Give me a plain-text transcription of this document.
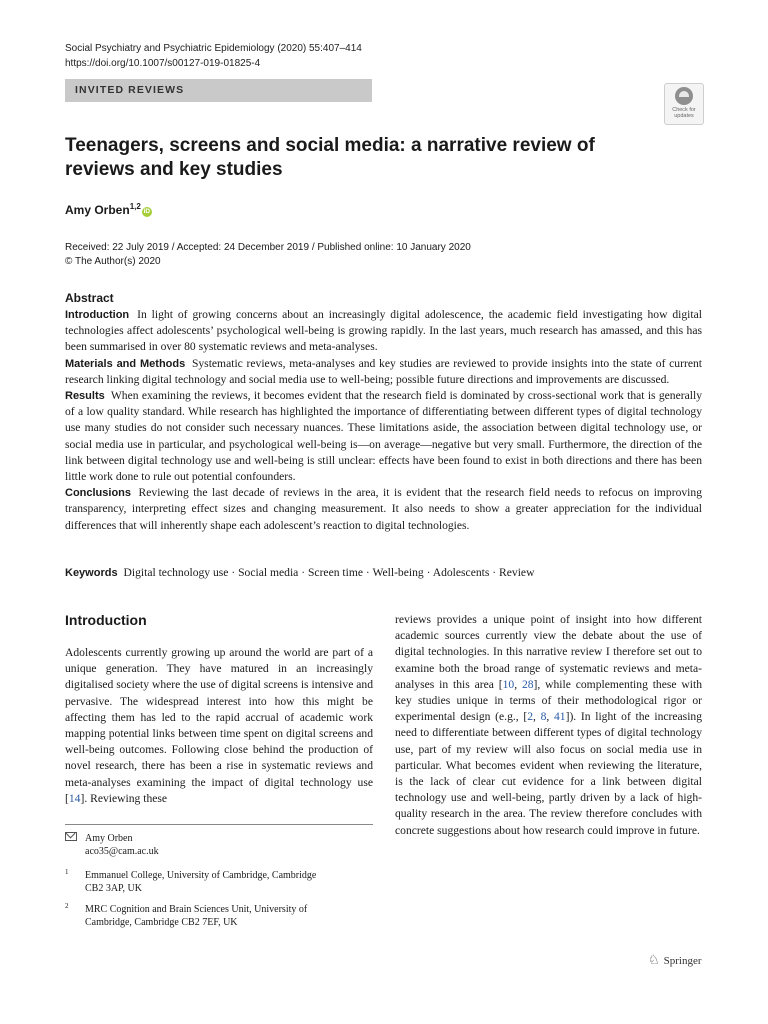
Social Psychiatry and Psychiatric Epidemiology (2020) 55:407–414
https://doi.org/10.1007/s00127-019-01825-4
INVITED REVIEWS
Check for
updates
Teenagers, screens and social media: a narrative review of reviews and key studies
Amy Orben$^{1,2}$iD
Received: 22 July 2019 / Accepted: 24 December 2019 / Published online: 10 January 2020
© The Author(s) 2020
Abstract
Introduction In light of growing concerns about an increasingly digital adolescence, the academic field investigating how digital technologies affect adolescents’ psychological well-being is growing rapidly. In the last years, much research has amassed, and this has been summarised in over 80 systematic reviews and meta-analyses.
Materials and Methods Systematic reviews, meta-analyses and key studies are reviewed to provide insights into the state of current research linking digital technology and social media use to well-being; possible future directions and improvements are discussed.
Results When examining the reviews, it becomes evident that the research field is dominated by cross-sectional work that is generally of a low quality standard. While research has highlighted the importance of differentiating between different types of digital technology use many studies do not consider such necessary nuances. These limitations aside, the association between digital technology use, or social media use in particular, and psychological well-being is—on average—negative but very small. Furthermore, the direction of the link between digital technology use and well-being is still unclear: effects have been found to exist in both directions and there has been little work done to rule out potential confounders.
Conclusions Reviewing the last decade of reviews in the area, it is evident that the research field needs to refocus on improving transparency, interpreting effect sizes and changing measurement. It also needs to show a greater appreciation for the individual differences that will inherently shape each adolescent’s reaction to digital technologies.
Keywords Digital technology use · Social media · Screen time · Well-being · Adolescents · Review
Introduction

Adolescents currently growing up around the world are part of a unique generation. They have matured in an increasingly digitalised society where the use of digital screens is intensive and pervasive. The widespread interest into how this might be affecting them has led to the rapid accrual of academic work mapping potential links between time spent on digital screens and well-being outcomes. Following close behind the production of novel research, there has been a rise in systematic reviews and meta-analyses examining the impact of digital technology use [14]. Reviewing these

reviews provides a unique point of insight into how different academic sources currently view the debate about the use of digital technologies. In this narrative review I therefore set out to examine both the broad range of systematic reviews and meta-analyses in this area [10, 28], while complementing these with key studies unique in terms of their methodological rigor or experimental design (e.g., [2, 8, 41]). In light of the increasing need to differentiate between different types of digital technology use, part of my review will also focus on social media use in particular. What becomes evident when reviewing the literature, is the lack of clear cut evidence for a link between digital technology use and well-being, partly driven by a lack of high-quality research in the area. The review therefore concludes with concrete suggestions about how research could improve in future.

Amy Orben
aco35@cam.ac.uk
1 Emmanuel College, University of Cambridge, Cambridge CB2 3AP, UK
2 MRC Cognition and Brain Sciences Unit, University of Cambridge, Cambridge CB2 7EF, UK
♘ Springer
